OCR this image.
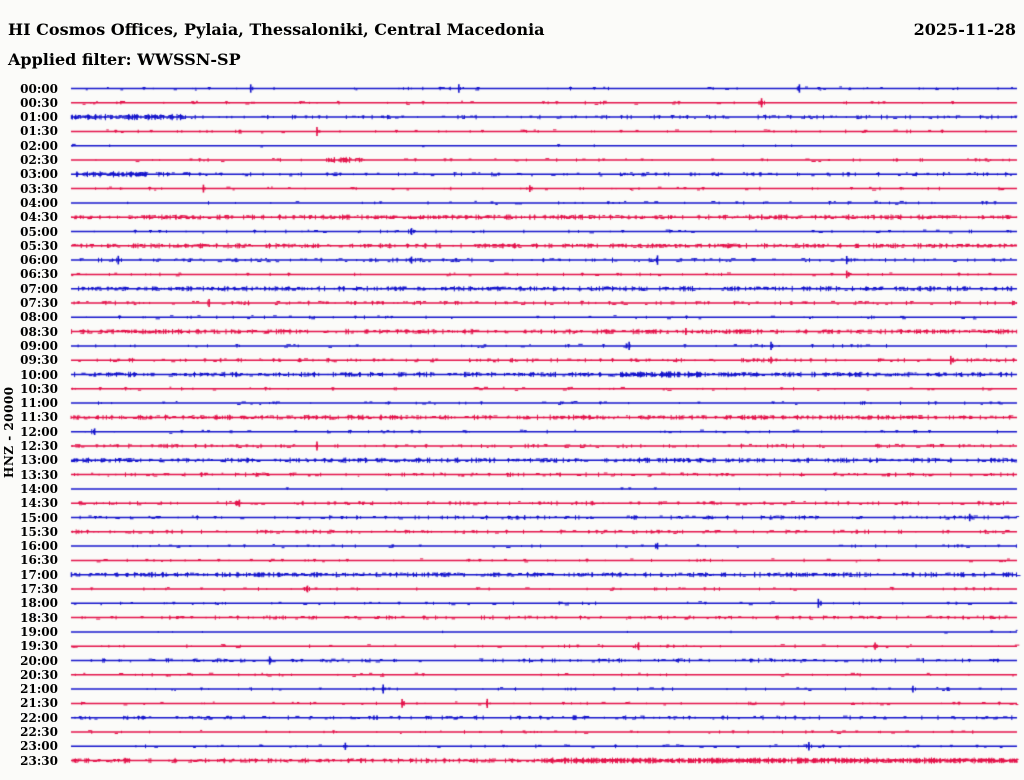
HI Cosmos Offices, Pylaia, Thessaloniki, Central Macedonia	2025-11-28
Applied filter: WWSSN-SP
HNZ - 20000
00:00
00:30
01:00
01:30
02:00
02:30
03:00
03:30
04:00
04:30
05:00
05:30
06:00
06:30
07:00
07:30
08:00
08:30
09:00
09:30
10:00
10:30
11:00
11:30
12:00
12:30
13:00
13:30
14:00
14:30
15:00
15:30
16:00
16:30
17:00
17:30
18:00
18:30
19:00
19:30
20:00
20:30
21:00
21:30
22:00
22:30
23:00
23:30
